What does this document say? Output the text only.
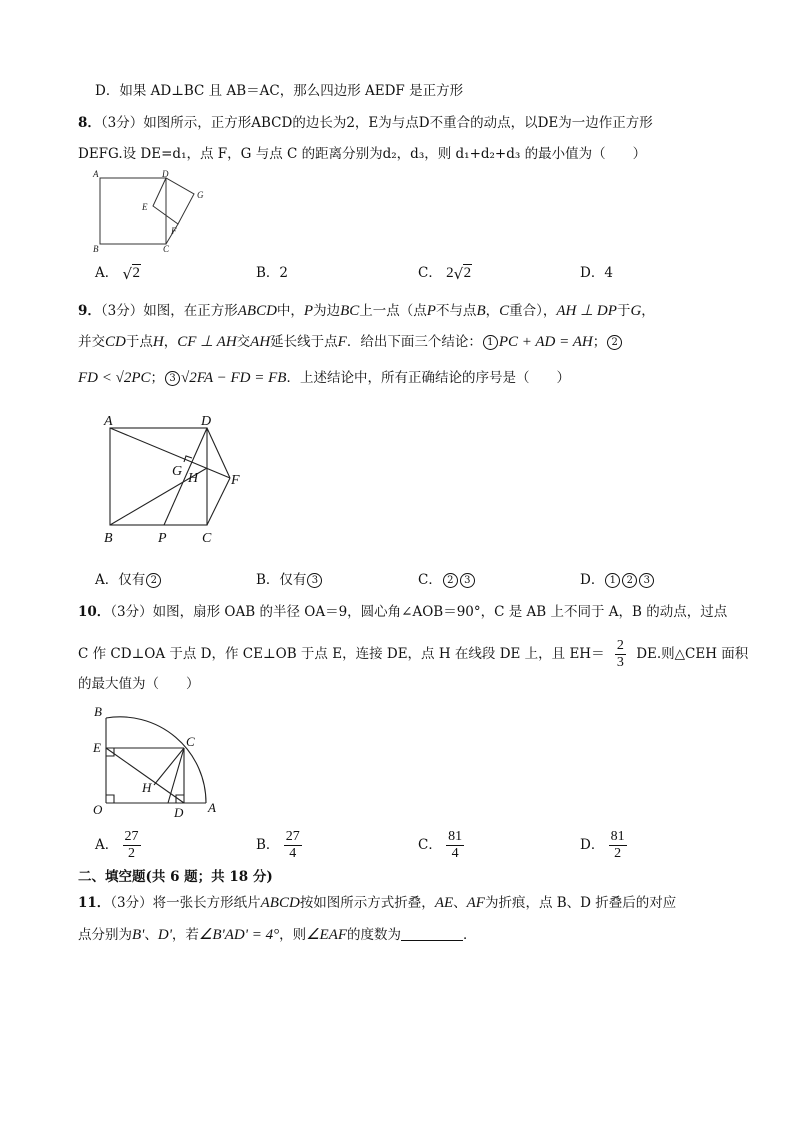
D．如果 AD⊥BC 且 AB＝AC，那么四边形 AEDF 是正方形
8．（3分）如图所示，正方形ABCD的边长为2，E为与点D不重合的动点，以DE为一边作正方形
DEFG.设 DE=d₁，点 F，G 与点 C 的距离分别为d₂，d₃，则 d₁+d₂+d₃ 的最小值为（　　）
A	D
E
G
F
B	C
A． √ 2	B．2	C． 2 √ 2	D．4
9．（3分）如图，在正方形ABCD中，P为边BC上一点（点P不与点B，C重合），AH ⊥ DP于G，
并交CD于点H，CF ⊥ AH交AH延长线于点F．给出下面三个结论： 1 PC + AD = AH； 2
FD < √2PC； 3 √2FA − FD = FB．上述结论中，所有正确结论的序号是（　　）
A	D
G H F
B	P	C
A．仅有 2	B．仅有 3	C． 2 3	D． 1 2 3
10．（3分）如图，扇形 OAB 的半径 OA＝9，圆心角∠AOB＝90°，C 是 AB 上不同于 A，B 的动点，过点
C 作 CD⊥OA 于点 D，作 CE⊥OB 于点 E，连接 DE，点 H 在线段 DE 上，且 $EH= \frac{2}{3}$ DE.则△CEH 面积
的最大值为（　　）
B
E	C
H
O	D A
A． $\frac{27}{2}$	B． $\frac{27}{4}$	C． $\frac{81}{4}$	D． $\frac{81}{2}$
二、填空题(共 6 题；共 18 分)
11．（3分）将一张长方形纸片ABCD按如图所示方式折叠，AE、AF为折痕，点 B、D 折叠后的对应
点分别为B'、D'，若∠B'AD' = 4°，则∠EAF的度数为	．
